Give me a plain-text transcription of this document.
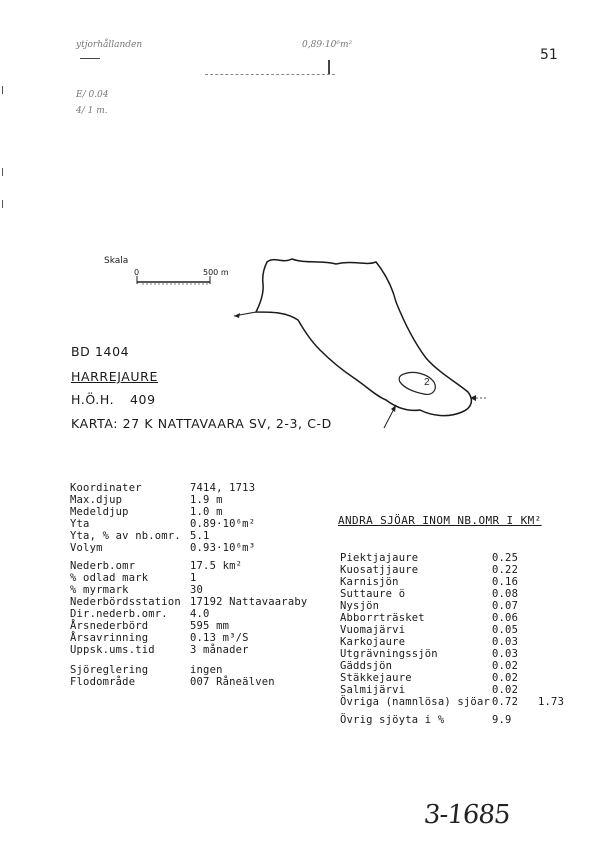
51
ytjorhållanden	0,89·10⁶m²
E/ 0.04
4/ 1 m.
Skala
0	500 m
2
BD 1404
HARREJAURE
H.Ö.H. 409
KARTA: 27 K NATTAVAARA SV, 2-3, C-D
Koordinater	7414, 1713
Max.djup	1.9 m
Medeldjup	1.0 m
Yta	0.89·10⁶m²
Yta, % av nb.omr. 5.1
Volym	0.93·10⁶m³
Nederb.omr	17.5 km²
% odlad mark	1
% myrmark	30
Nederbördsstation 17192 Nattavaaraby
Dir.nederb.omr. 4.0
Årsnederbörd	595 mm
Årsavrinning	0.13 m³/S
Uppsk.ums.tid	3 månader
Sjöreglering	ingen
Flodområde	007 Råneälven
ANDRA SJÖAR INOM NB.OMR I KM²
Piektjajaure	0.25
Kuosatjjaure	0.22
Karnisjön	0.16
Suttaure ö	0.08
Nysjön	0.07
Abborrträsket	0.06
Vuomajärvi	0.05
Karkojaure	0.03
Utgrävningssjön	0.03
Gäddsjön	0.02
Stäkkejaure	0.02
Salmijärvi	0.02
Övriga (namnlösa) sjöar 0.72 1.73
Övrig sjöyta i %	9.9
3-1685
